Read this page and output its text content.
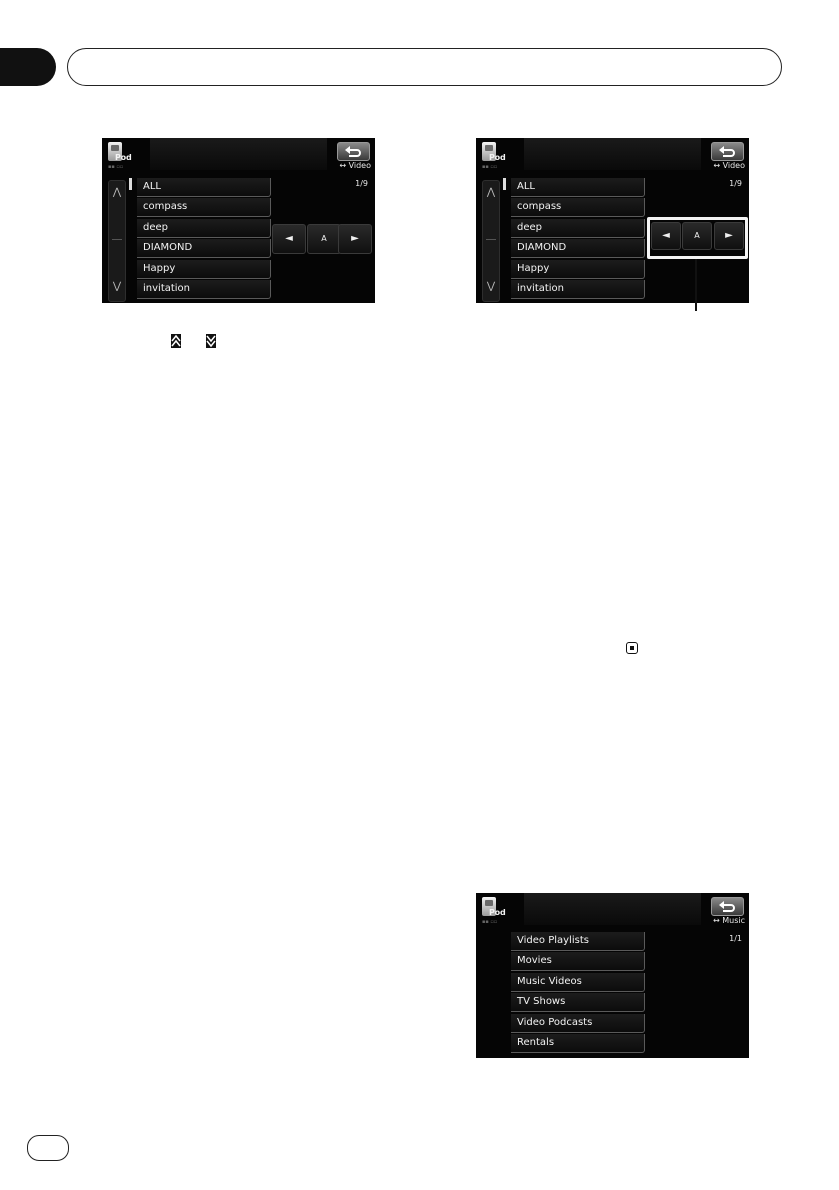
Pod
▪▪ ▫▫	↔ Video
1/9
⋀
⋁
ALL
compass
deep
DIAMOND
Happy
invitation
◄	A	►
Pod
▪▪ ▫▫	↔ Video
1/9
⋀
⋁
ALL
compass
deep
DIAMOND
Happy
invitation
◄	A	►
Pod
▪▪ ▫▫	↔ Music
1/1
Video Playlists
Movies
Music Videos
TV Shows
Video Podcasts
Rentals
